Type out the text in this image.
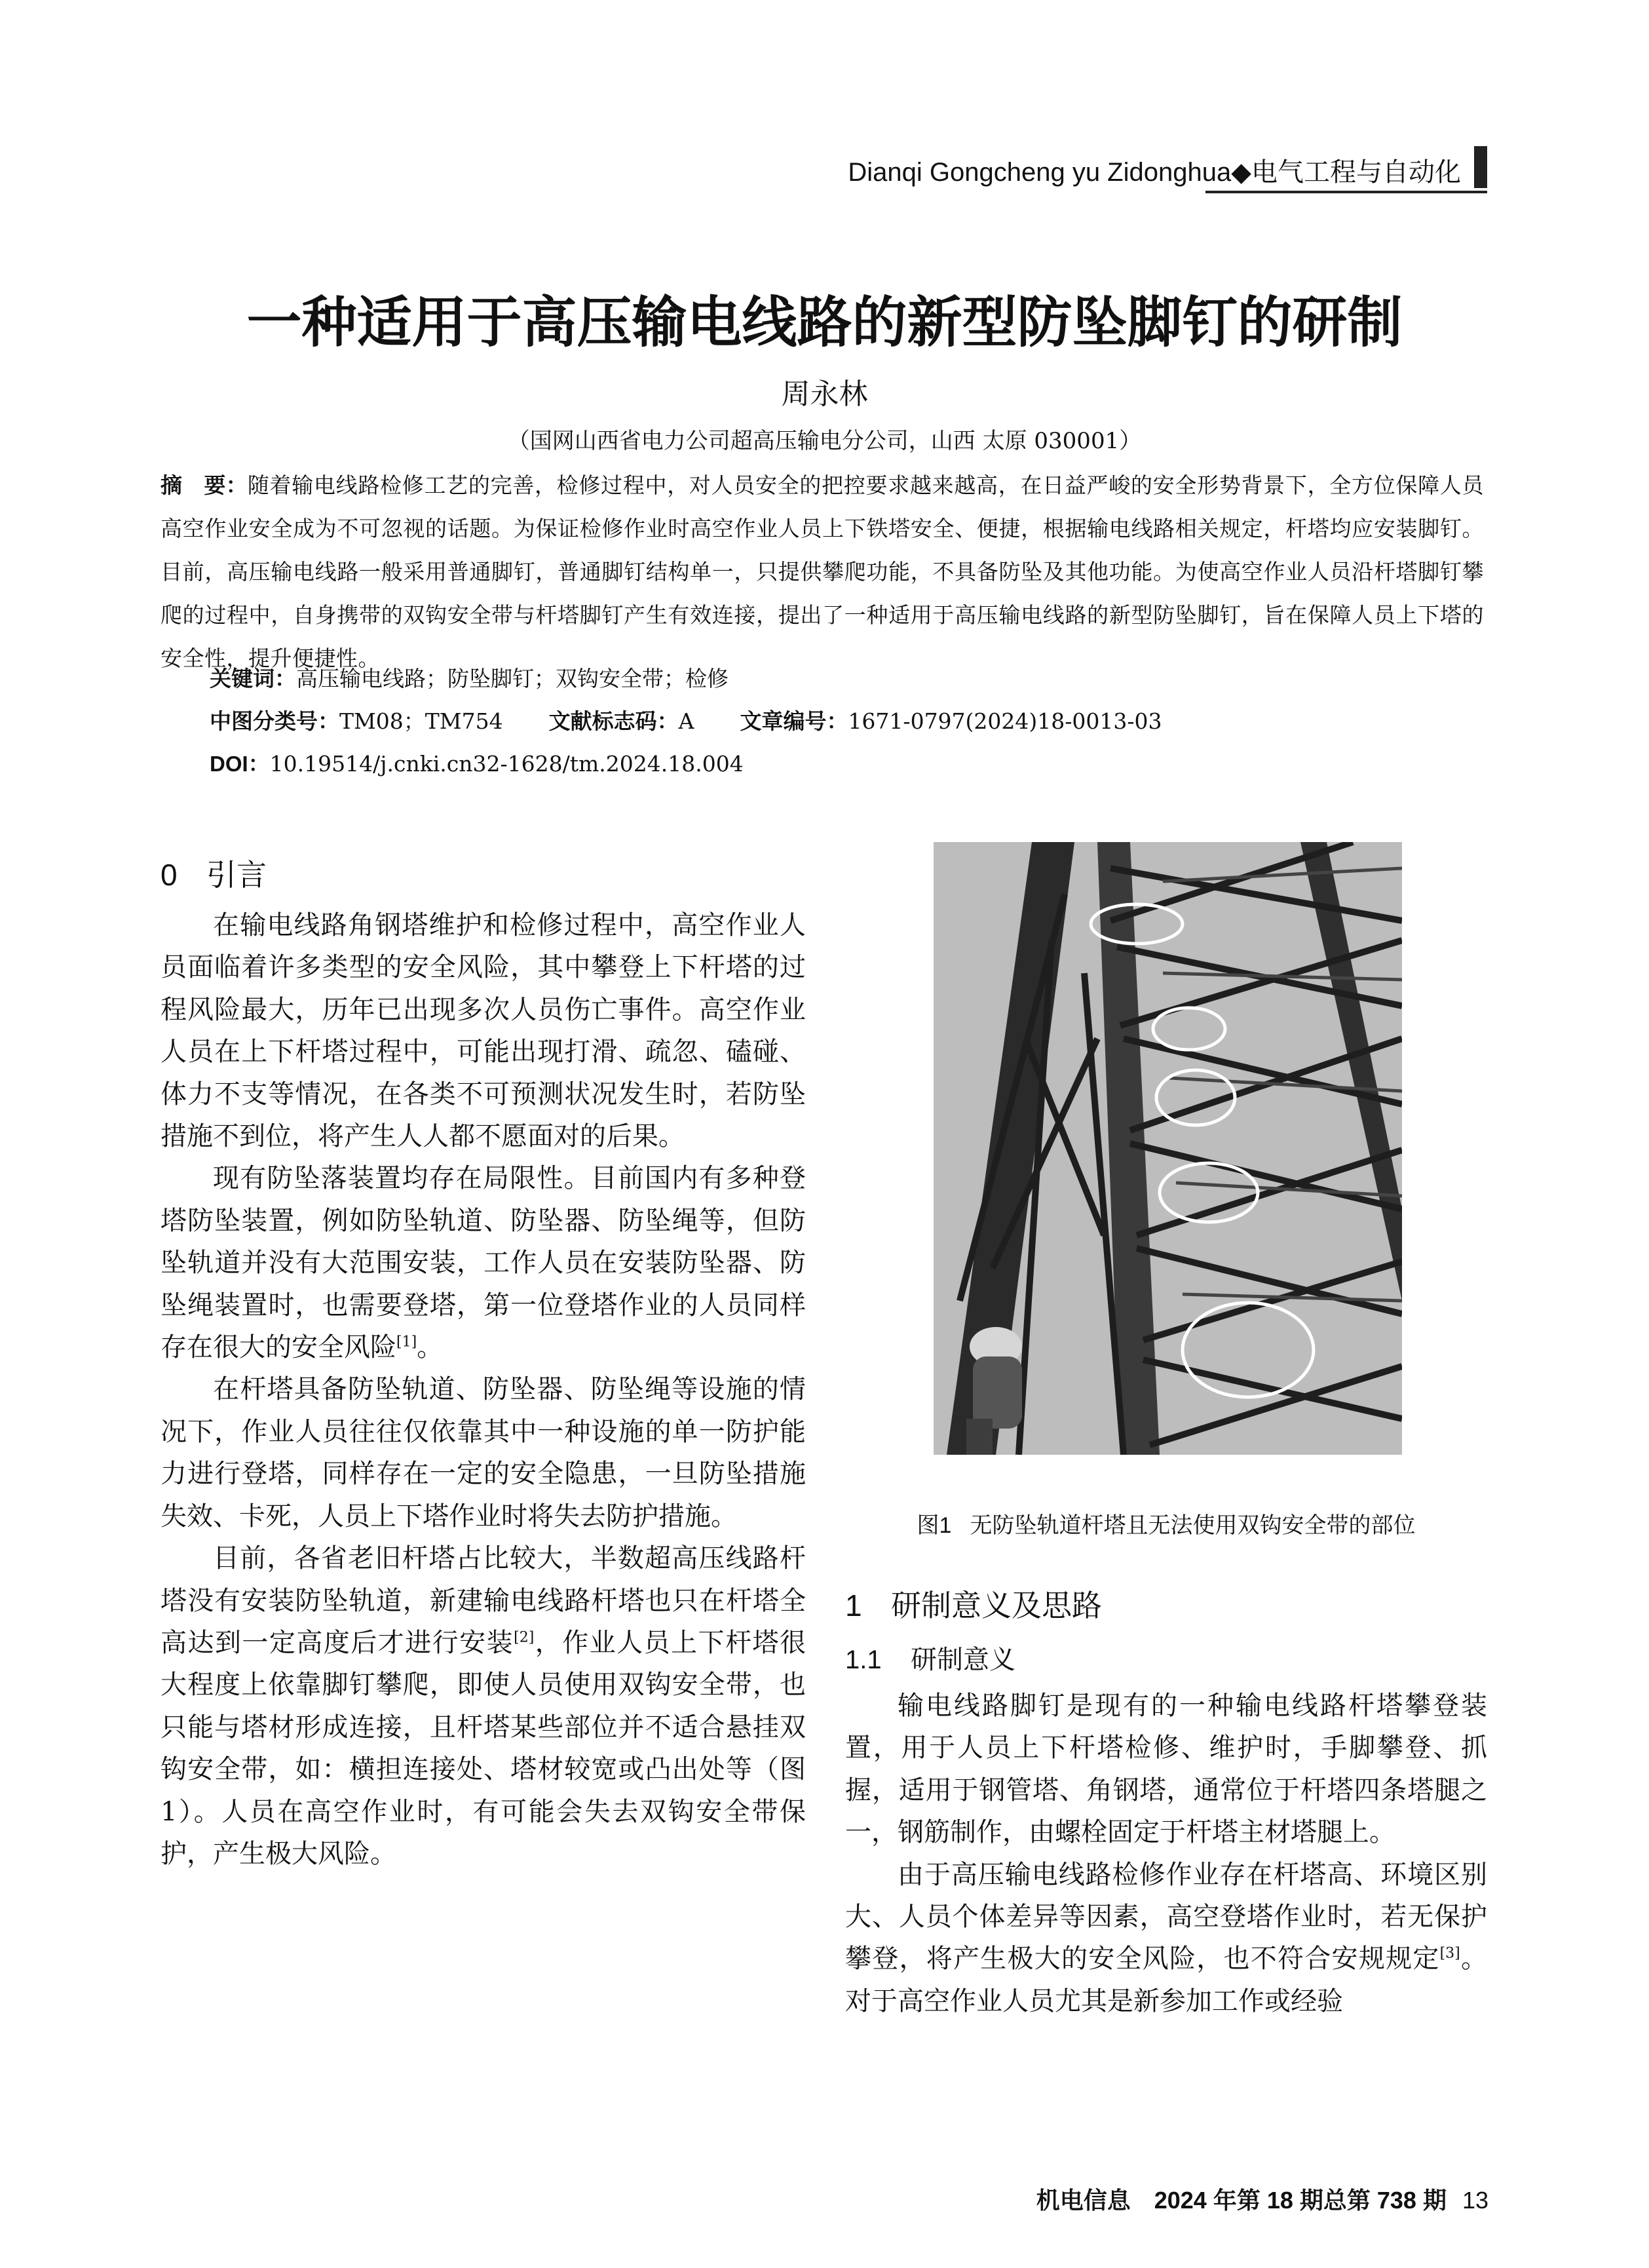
Dianqi Gongcheng yu Zidonghua◆电气工程与自动化
一种适用于高压输电线路的新型防坠脚钉的研制
周永林
（国网山西省电力公司超高压输电分公司，山西 太原 030001）
摘　要：随着输电线路检修工艺的完善，检修过程中，对人员安全的把控要求越来越高，在日益严峻的安全形势背景下，全方位保障人员高空作业安全成为不可忽视的话题。为保证检修作业时高空作业人员上下铁塔安全、便捷，根据输电线路相关规定，杆塔均应安装脚钉。目前，高压输电线路一般采用普通脚钉，普通脚钉结构单一，只提供攀爬功能，不具备防坠及其他功能。为使高空作业人员沿杆塔脚钉攀爬的过程中，自身携带的双钩安全带与杆塔脚钉产生有效连接，提出了一种适用于高压输电线路的新型防坠脚钉，旨在保障人员上下塔的安全性，提升便捷性。
关键词：高压输电线路；防坠脚钉；双钩安全带；检修
中图分类号：TM08；TM754 文献标志码：A 文章编号：1671-0797(2024)18-0013-03
DOI：10.19514/j.cnki.cn32-1628/tm.2024.18.004
0 引言

在输电线路角钢塔维护和检修过程中，高空作业人员面临着许多类型的安全风险，其中攀登上下杆塔的过程风险最大，历年已出现多次人员伤亡事件。高空作业人员在上下杆塔过程中，可能出现打滑、疏忽、磕碰、体力不支等情况，在各类不可预测状况发生时，若防坠措施不到位，将产生人人都不愿面对的后果。

现有防坠落装置均存在局限性。目前国内有多种登塔防坠装置，例如防坠轨道、防坠器、防坠绳等，但防坠轨道并没有大范围安装，工作人员在安装防坠器、防坠绳装置时，也需要登塔，第一位登塔作业的人员同样存在很大的安全风险[1]。

在杆塔具备防坠轨道、防坠器、防坠绳等设施的情况下，作业人员往往仅依靠其中一种设施的单一防护能力进行登塔，同样存在一定的安全隐患，一旦防坠措施失效、卡死，人员上下塔作业时将失去防护措施。

目前，各省老旧杆塔占比较大，半数超高压线路杆塔没有安装防坠轨道，新建输电线路杆塔也只在杆塔全高达到一定高度后才进行安装[2]，作业人员上下杆塔很大程度上依靠脚钉攀爬，即使人员使用双钩安全带，也只能与塔材形成连接，且杆塔某些部位并不适合悬挂双钩安全带，如：横担连接处、塔材较宽或凸出处等（图1）。人员在高空作业时，有可能会失去双钩安全带保护，产生极大风险。

图1 无防坠轨道杆塔且无法使用双钩安全带的部位
1 研制意义及思路
1.1 研制意义

输电线路脚钉是现有的一种输电线路杆塔攀登装置，用于人员上下杆塔检修、维护时，手脚攀登、抓握，适用于钢管塔、角钢塔，通常位于杆塔四条塔腿之一，钢筋制作，由螺栓固定于杆塔主材塔腿上。

由于高压输电线路检修作业存在杆塔高、环境区别大、人员个体差异等因素，高空登塔作业时，若无保护攀登，将产生极大的安全风险，也不符合安规规定[3]。对于高空作业人员尤其是新参加工作或经验

机电信息　2024 年第 18 期总第 738 期 13
